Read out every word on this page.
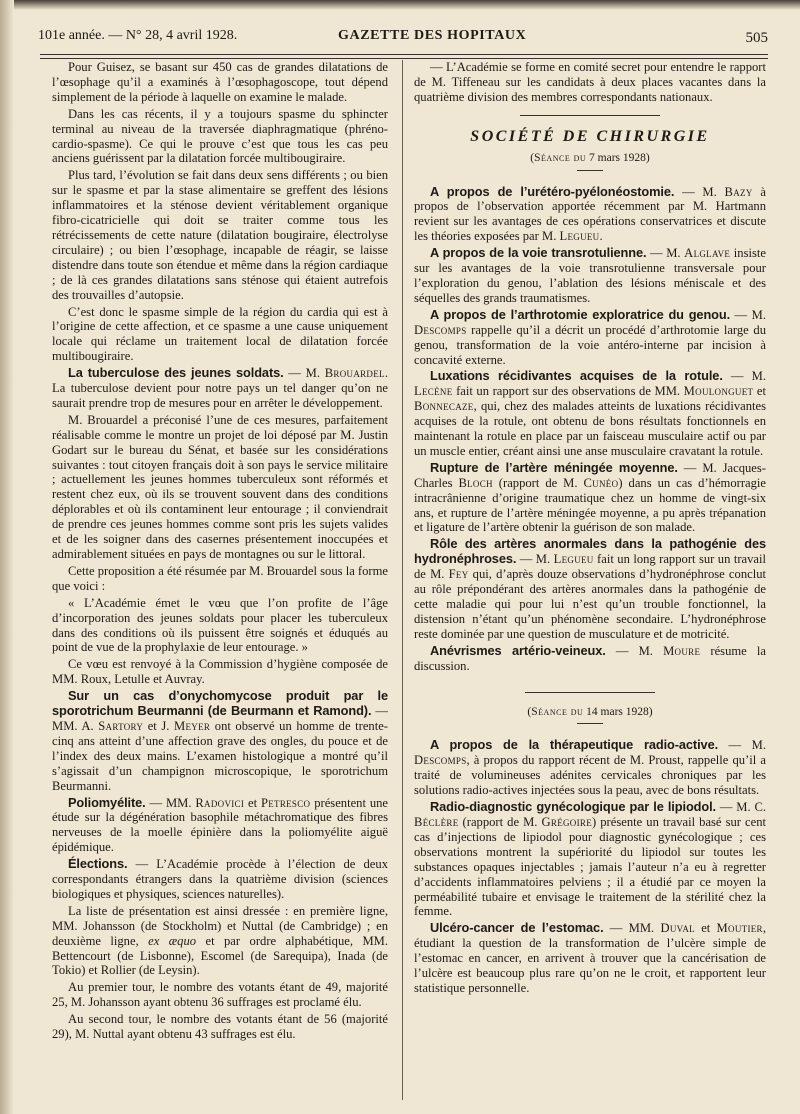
101e année. — N° 28, 4 avril 1928.	GAZETTE DES HOPITAUX	505

Pour Guisez, se basant sur 450 cas de grandes dilatations de l’œsophage qu’il a examinés à l’œsophagoscope, tout dépend simplement de la période à laquelle on examine le malade.

Dans les cas récents, il y a toujours spasme du sphincter terminal au niveau de la traversée diaphragmatique (phréno-cardio-spasme). Ce qui le prouve c’est que tous les cas peu anciens guérissent par la dilatation forcée multibougiraire.

Plus tard, l’évolution se fait dans deux sens différents ; ou bien sur le spasme et par la stase alimentaire se greffent des lésions inflammatoires et la sténose devient véritablement organique fibro-cicatricielle qui doit se traiter comme tous les rétrécissements de cette nature (dilatation bougiraire, électrolyse circulaire) ; ou bien l’œsophage, incapable de réagir, se laisse distendre dans toute son étendue et même dans la région cardiaque ; de là ces grandes dilatations sans sténose qui étaient autrefois des trouvailles d’autopsie.

C’est donc le spasme simple de la région du cardia qui est à l’origine de cette affection, et ce spasme a une cause uniquement locale qui réclame un traitement local de dilatation forcée multibougiraire.

La tuberculose des jeunes soldats. — M. Brouardel. La tuberculose devient pour notre pays un tel danger qu’on ne saurait prendre trop de mesures pour en arrêter le développement.

M. Brouardel a préconisé l’une de ces mesures, parfaitement réalisable comme le montre un projet de loi déposé par M. Justin Godart sur le bureau du Sénat, et basée sur les considérations suivantes : tout citoyen français doit à son pays le service militaire ; actuellement les jeunes hommes tuberculeux sont réformés et restent chez eux, où ils se trouvent souvent dans des conditions déplorables et où ils contaminent leur entourage ; il conviendrait de prendre ces jeunes hommes comme sont pris les sujets valides et de les soigner dans des casernes présentement inoccupées et admirablement situées en pays de montagnes ou sur le littoral.

Cette proposition a été résumée par M. Brouardel sous la forme que voici :

« L’Académie émet le vœu que l’on profite de l’âge d’incorporation des jeunes soldats pour placer les tuberculeux dans des conditions où ils puissent être soignés et éduqués au point de vue de la prophylaxie de leur entourage. »

Ce vœu est renvoyé à la Commission d’hygiène composée de MM. Roux, Letulle et Auvray.

Sur un cas d’onychomycose produit par le sporotrichum Beurmanni (de Beurmann et Ramond). — MM. A. Sartory et J. Meyer ont observé un homme de trente-cinq ans atteint d’une affection grave des ongles, du pouce et de l’index des deux mains. L’examen histologique a montré qu’il s’agissait d’un champignon microscopique, le sporotrichum Beurmanni.

Poliomyélite. — MM. Radovici et Petresco présentent une étude sur la dégénération basophile métachromatique des fibres nerveuses de la moelle épinière dans la poliomyélite aiguë épidémique.

Élections. — L’Académie procède à l’élection de deux correspondants étrangers dans la quatrième division (sciences biologiques et physiques, sciences naturelles).

La liste de présentation est ainsi dressée : en première ligne, MM. Johansson (de Stockholm) et Nuttal (de Cambridge) ; en deuxième ligne, ex æquo et par ordre alphabétique, MM. Bettencourt (de Lisbonne), Escomel (de Sarequipa), Inada (de Tokio) et Rollier (de Leysin).

Au premier tour, le nombre des votants étant de 49, majorité 25, M. Johansson ayant obtenu 36 suffrages est proclamé élu.

Au second tour, le nombre des votants étant de 56 (majorité 29), M. Nuttal ayant obtenu 43 suffrages est élu.

— L’Académie se forme en comité secret pour entendre le rapport de M. Tiffeneau sur les candidats à deux places vacantes dans la quatrième division des membres correspondants nationaux.

SOCIÉTÉ DE CHIRURGIE
(Séance du 7 mars 1928)

A propos de l’urétéro-pyélonéostomie. — M. Bazy à propos de l’observation apportée récemment par M. Hartmann revient sur les avantages de ces opérations conservatrices et discute les théories exposées par M. Legueu.

A propos de la voie transrotulienne. — M. Alglave insiste sur les avantages de la voie transrotulienne transversale pour l’exploration du genou, l’ablation des lésions méniscale et des séquelles des grands traumatismes.

A propos de l’arthrotomie exploratrice du genou. — M. Descomps rappelle qu’il a décrit un procédé d’arthrotomie large du genou, transformation de la voie antéro-interne par incision à concavité externe.

Luxations récidivantes acquises de la rotule. — M. Lecène fait un rapport sur des observations de MM. Moulonguet et Bonnecaze, qui, chez des malades atteints de luxations récidivantes acquises de la rotule, ont obtenu de bons résultats fonctionnels en maintenant la rotule en place par un faisceau musculaire actif ou par un muscle entier, créant ainsi une anse musculaire cravatant la rotule.

Rupture de l’artère méningée moyenne. — M. Jacques-Charles Bloch (rapport de M. Cunéo) dans un cas d’hémorragie intracrânienne d’origine traumatique chez un homme de vingt-six ans, et rupture de l’artère méningée moyenne, a pu après trépanation et ligature de l’artère obtenir la guérison de son malade.

Rôle des artères anormales dans la pathogénie des hydronéphroses. — M. Legueu fait un long rapport sur un travail de M. Fey qui, d’après douze observations d’hydronéphrose conclut au rôle prépondérant des artères anormales dans la pathogénie de cette maladie qui pour lui n’est qu’un trouble fonctionnel, la distension n’étant qu’un phénomène secondaire. L’hydronéphrose reste dominée par une question de musculature et de motricité.

Anévrismes artério-veineux. — M. Moure résume la discussion.

(Séance du 14 mars 1928)

A propos de la thérapeutique radio-active. — M. Descomps, à propos du rapport récent de M. Proust, rappelle qu’il a traité de volumineuses adénites cervicales chroniques par les solutions radio-actives injectées sous la peau, avec de bons résultats.

Radio-diagnostic gynécologique par le lipiodol. — M. C. Béclère (rapport de M. Grégoire) présente un travail basé sur cent cas d’injections de lipiodol pour diagnostic gynécologique ; ces observations montrent la supériorité du lipiodol sur toutes les substances opaques injectables ; jamais l’auteur n’a eu à regretter d’accidents inflammatoires pelviens ; il a étudié par ce moyen la perméabilité tubaire et envisage le traitement de la stérilité chez la femme.

Ulcéro-cancer de l’estomac. — MM. Duval et Moutier, étudiant la question de la transformation de l’ulcère simple de l’estomac en cancer, en arrivent à trouver que la cancérisation de l’ulcère est beaucoup plus rare qu’on ne le croit, et rapportent leur statistique personnelle.
